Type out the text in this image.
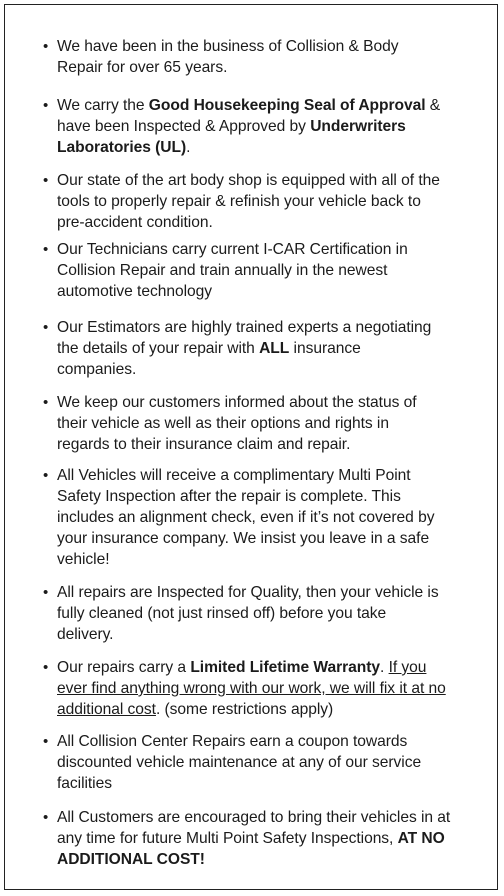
• We have been in the business of Collision & Body Repair for over 65 years.
• We carry the Good Housekeeping Seal of Approval & have been Inspected & Approved by Underwriters Laboratories (UL).
• Our state of the art body shop is equipped with all of the tools to properly repair & refinish your vehicle back to pre-accident condition.
• Our Technicians carry current I-CAR Certification in Collision Repair and train annually in the newest automotive technology
• Our Estimators are highly trained experts a negotiating the details of your repair with ALL insurance companies.
• We keep our customers informed about the status of their vehicle as well as their options and rights in regards to their insurance claim and repair.
• All Vehicles will receive a complimentary Multi Point Safety Inspection after the repair is complete. This includes an alignment check, even if it’s not covered by your insurance company. We insist you leave in a safe vehicle!
• All repairs are Inspected for Quality, then your vehicle is fully cleaned (not just rinsed off) before you take delivery.
• Our repairs carry a Limited Lifetime Warranty. If you ever find anything wrong with our work, we will fix it at no additional cost. (some restrictions apply)
• All Collision Center Repairs earn a coupon towards discounted vehicle maintenance at any of our service facilities
• All Customers are encouraged to bring their vehicles in at any time for future Multi Point Safety Inspections, AT NO ADDITIONAL COST!
